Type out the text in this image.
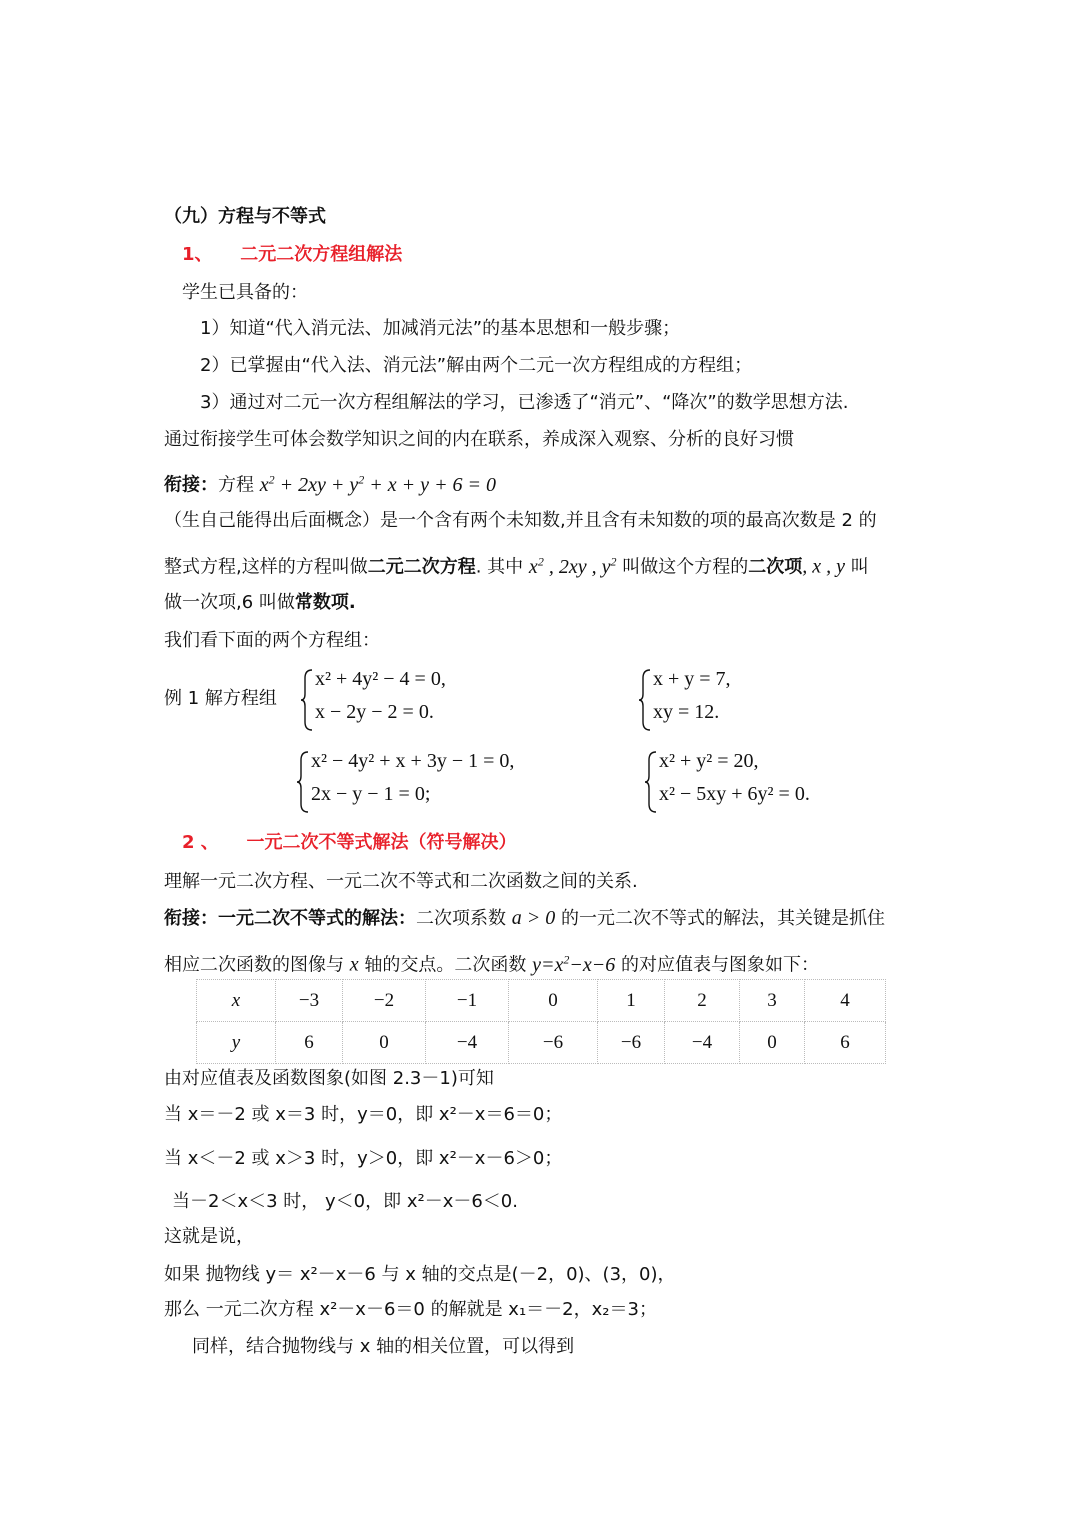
（九）方程与不等式
1、 二元二次方程组解法
学生已具备的：
1）知道“代入消元法、加减消元法”的基本思想和一般步骤；
2）已掌握由“代入法、消元法”解由两个二元一次方程组成的方程组；
3）通过对二元一次方程组解法的学习，已渗透了“消元”、“降次”的数学思想方法.
通过衔接学生可体会数学知识之间的内在联系，养成深入观察、分析的良好习惯
衔接：方程 $x^2 + 2xy + y^2 + x + y + 6 = 0$
（生自己能得出后面概念）是一个含有两个未知数,并且含有未知数的项的最高次数是 2 的
整式方程,这样的方程叫做二元二次方程. 其中 $x^2$ , 2xy , $y^2$ 叫做这个方程的二次项, x , y 叫
做一次项,6 叫做常数项.
我们看下面的两个方程组：
例 1 解方程组
x² + 4y² − 4 = 0,
x − 2y − 2 = 0.
x + y = 7,
xy = 12.
x² − 4y² + x + 3y − 1 = 0,
2x − y − 1 = 0;
x² + y² = 20,
x² − 5xy + 6y² = 0.
2 、 一元二次不等式解法（符号解决）
理解一元二次方程、一元二次不等式和二次函数之间的关系.
衔接：一元二次不等式的解法：二次项系数 a > 0 的一元二次不等式的解法，其关键是抓住
相应二次函数的图像与 x 轴的交点。二次函数 $y=x^2-x-6$ 的对应值表与图象如下：
x	−3	−2	−1	0	1	2	3	4
y	6	0	−4	−6	−6	−4	0	6
由对应值表及函数图象(如图 2.3－1)可知
当 x＝－2 或 x＝3 时，y＝0，即 x²－x＝6＝0；
当 x＜－2 或 x＞3 时，y＞0，即 x²－x－6＞0；
当－2＜x＜3 时， y＜0，即 x²－x－6＜0.
这就是说，
如果 抛物线 y＝ x²－x－6 与 x 轴的交点是(－2，0)、(3，0)，
那么 一元二次方程 x²－x－6＝0 的解就是 x₁＝－2，x₂＝3；
同样，结合抛物线与 x 轴的相关位置，可以得到
